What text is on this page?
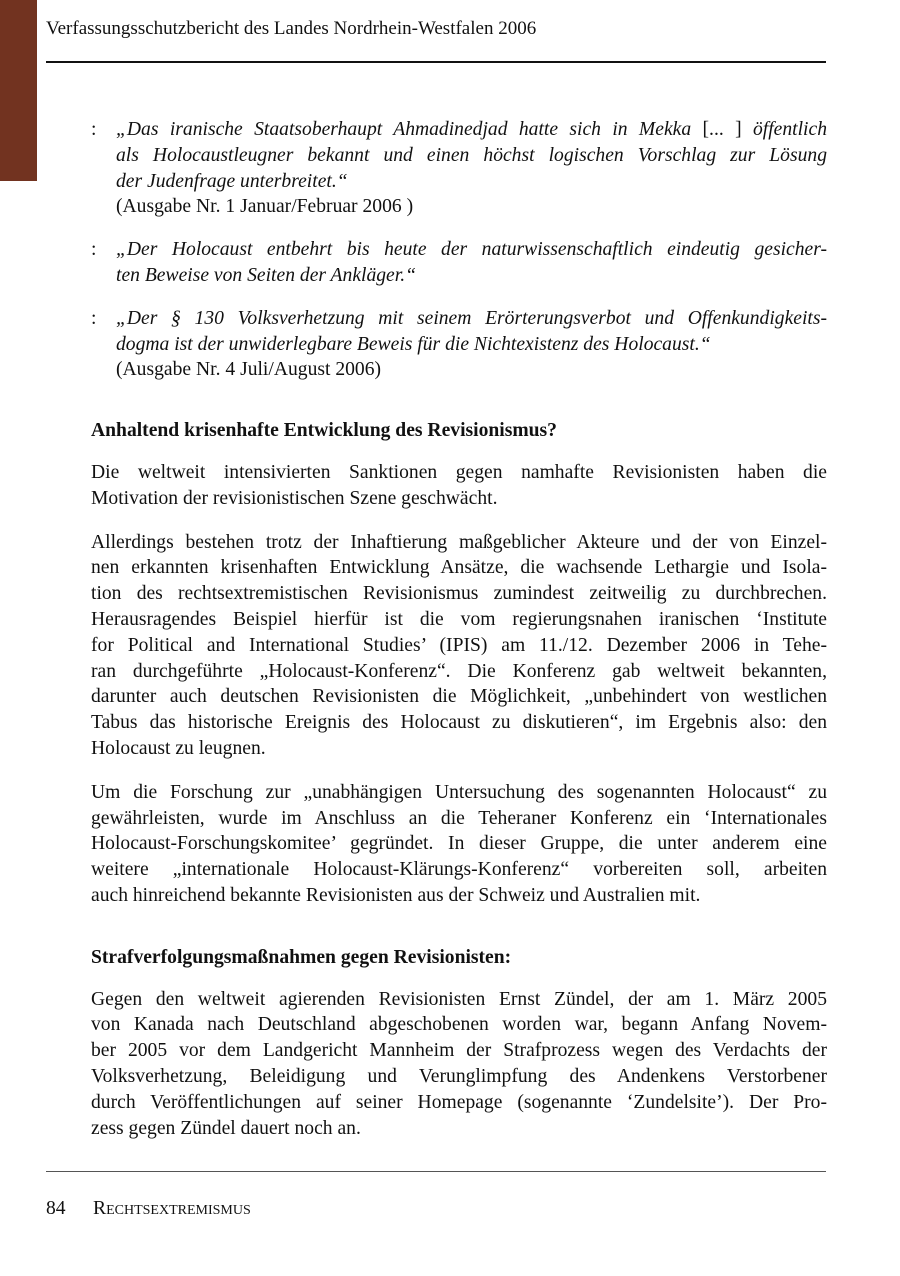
Verfassungsschutzbericht des Landes Nordrhein-Westfalen 2006
: „Das iranische Staatsoberhaupt Ahmadinedjad hatte sich in Mekka [... ] öffentlich
als Holocaustleugner bekannt und einen höchst logischen Vorschlag zur Lösung
der Judenfrage unterbreitet.“
(Ausgabe Nr. 1 Januar/Februar 2006 )
: „Der Holocaust entbehrt bis heute der naturwissenschaftlich eindeutig gesicher-
ten Beweise von Seiten der Ankläger.“
: „Der § 130 Volksverhetzung mit seinem Erörterungsverbot und Offenkundigkeits-
dogma ist der unwiderlegbare Beweis für die Nichtexistenz des Holocaust.“
(Ausgabe Nr. 4 Juli/August 2006)
Anhaltend krisenhafte Entwicklung des Revisionismus?

Die weltweit intensivierten Sanktionen gegen namhafte Revisionisten haben die
Motivation der revisionistischen Szene geschwächt.

Allerdings bestehen trotz der Inhaftierung maßgeblicher Akteure und der von Einzel-
nen erkannten krisenhaften Entwicklung Ansätze, die wachsende Lethargie und Isola-
tion des rechtsextremistischen Revisionismus zumindest zeitweilig zu durchbrechen.
Herausragendes Beispiel hierfür ist die vom regierungsnahen iranischen ‘Institute
for Political and International Studies’ (IPIS) am 11./12. Dezember 2006 in Tehe-
ran durchgeführte „Holocaust-Konferenz“. Die Konferenz gab weltweit bekannten,
darunter auch deutschen Revisionisten die Möglichkeit, „unbehindert von westlichen
Tabus das historische Ereignis des Holocaust zu diskutieren“, im Ergebnis also: den
Holocaust zu leugnen.

Um die Forschung zur „unabhängigen Untersuchung des sogenannten Holocaust“ zu
gewährleisten, wurde im Anschluss an die Teheraner Konferenz ein ‘Internationales
Holocaust-Forschungskomitee’ gegründet. In dieser Gruppe, die unter anderem eine
weitere „internationale Holocaust-Klärungs-Konferenz“ vorbereiten soll, arbeiten
auch hinreichend bekannte Revisionisten aus der Schweiz und Australien mit.

Strafverfolgungsmaßnahmen gegen Revisionisten:

Gegen den weltweit agierenden Revisionisten Ernst Zündel, der am 1. März 2005
von Kanada nach Deutschland abgeschobenen worden war, begann Anfang Novem-
ber 2005 vor dem Landgericht Mannheim der Strafprozess wegen des Verdachts der
Volksverhetzung, Beleidigung und Verunglimpfung des Andenkens Verstorbener
durch Veröffentlichungen auf seiner Homepage (sogenannte ‘Zundelsite’). Der Pro-
zess gegen Zündel dauert noch an.

84 Rechtsextremismus
